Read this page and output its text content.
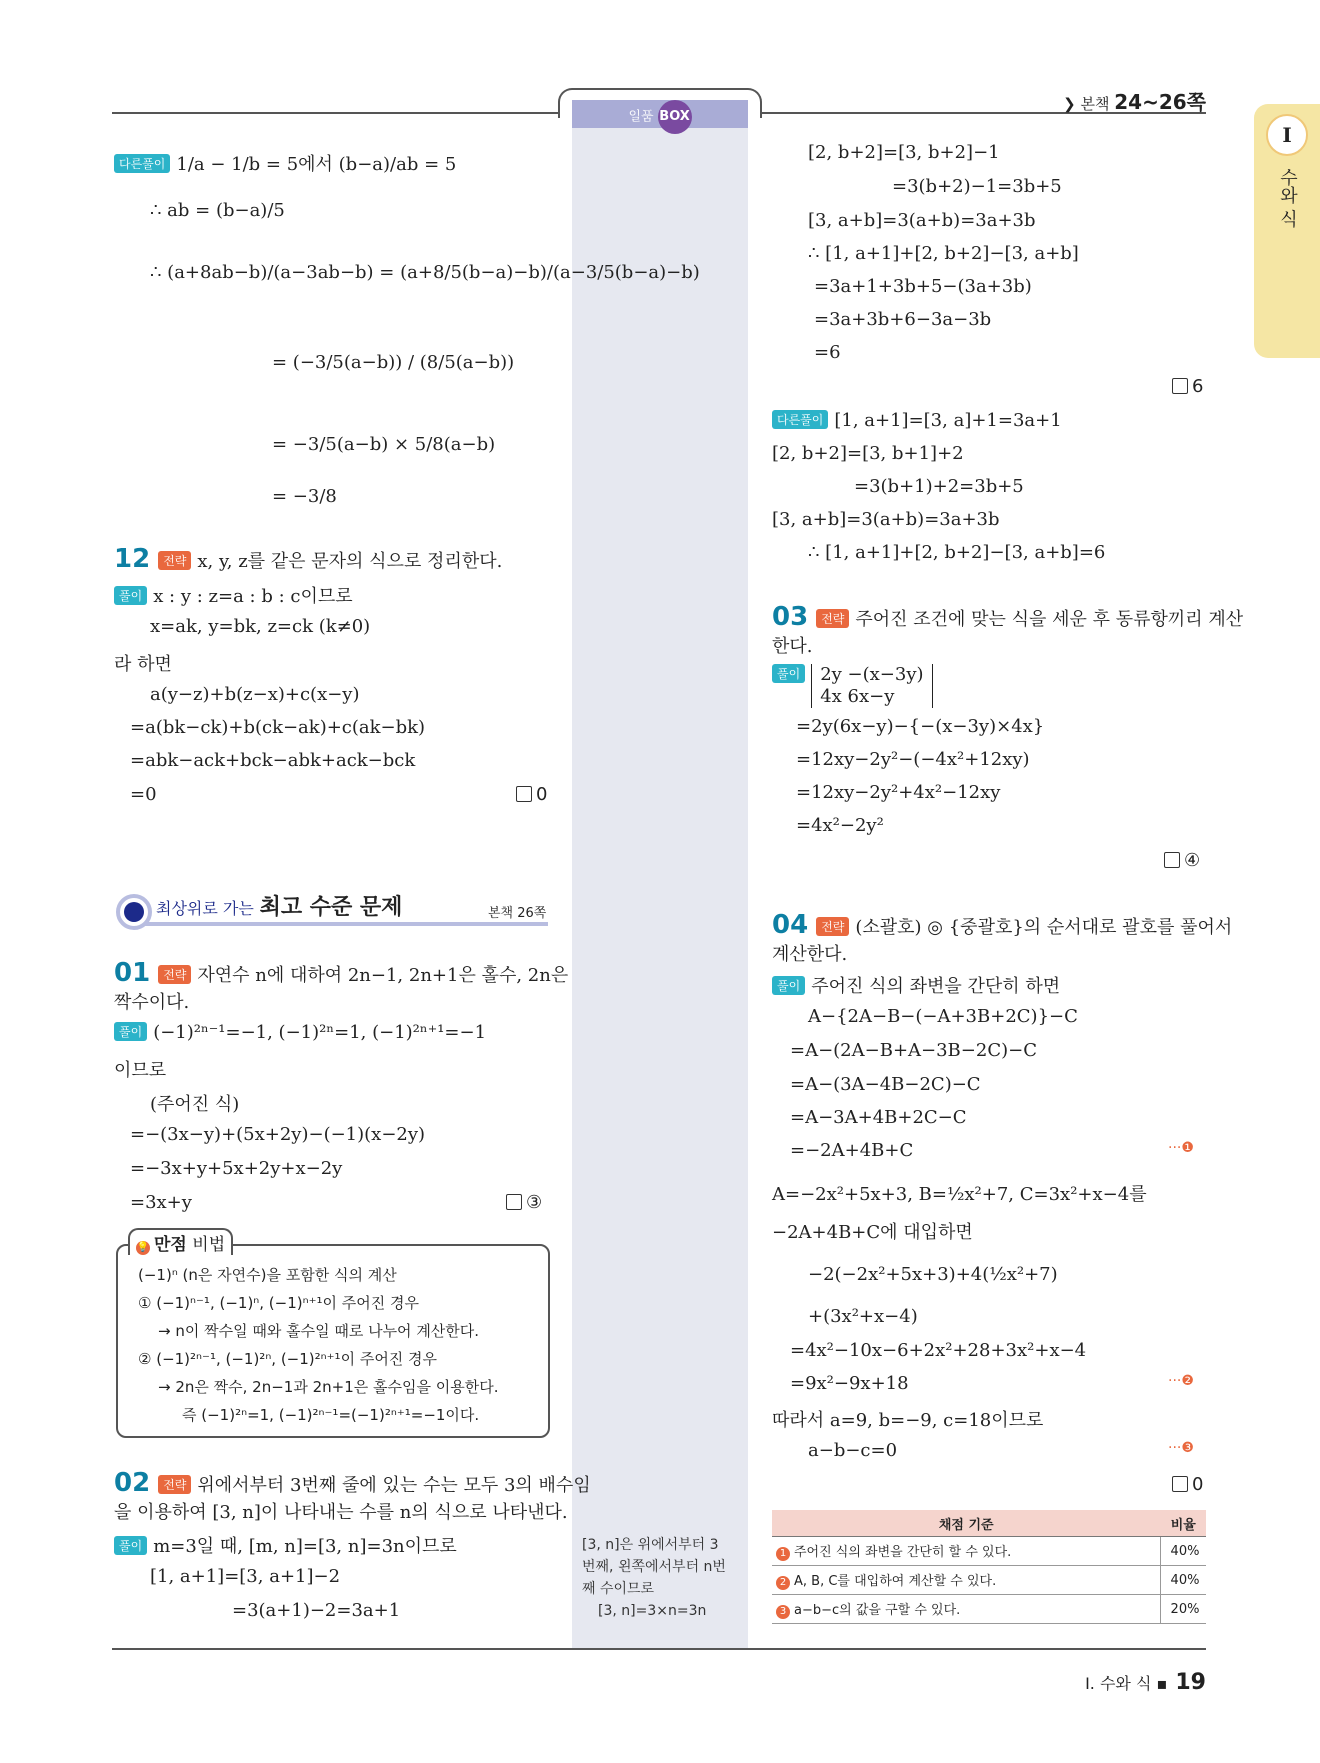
일품 BOX
❯ 본책 24~26쪽
I
수와 식
I. 수와 식 ▪ 19
다른풀이 1/a − 1/b = 5에서 (b−a)/ab = 5
∴ ab = (b−a)/5
∴ (a+8ab−b)/(a−3ab−b) = (a+8/5(b−a)−b)/(a−3/5(b−a)−b)
= (−3/5(a−b)) / (8/5(a−b))
= −3/5(a−b) × 5/8(a−b)
= −3/8
12 전략 x, y, z를 같은 문자의 식으로 정리한다.
풀이 x : y : z=a : b : c이므로
x=ak, y=bk, z=ck (k≠0)
라 하면
a(y−z)+b(z−x)+c(x−y)
=a(bk−ck)+b(ck−ak)+c(ak−bk)
=abk−ack+bck−abk+ack−bck
=0	0
최상위로 가는 최고 수준 문제	본책 26쪽
01 전략 자연수 n에 대하여 2n−1, 2n+1은 홀수, 2n은
짝수이다.
풀이 (−1)²ⁿ⁻¹=−1, (−1)²ⁿ=1, (−1)²ⁿ⁺¹=−1
이므로
(주어진 식)
=−(3x−y)+(5x+2y)−(−1)(x−2y)
=−3x+y+5x+2y+x−2y
=3x+y	③
(−1)ⁿ (n은 자연수)을 포함한 식의 계산
① (−1)ⁿ⁻¹, (−1)ⁿ, (−1)ⁿ⁺¹이 주어진 경우
→ n이 짝수일 때와 홀수일 때로 나누어 계산한다.
② (−1)²ⁿ⁻¹, (−1)²ⁿ, (−1)²ⁿ⁺¹이 주어진 경우
→ 2n은 짝수, 2n−1과 2n+1은 홀수임을 이용한다.
즉 (−1)²ⁿ=1, (−1)²ⁿ⁻¹=(−1)²ⁿ⁺¹=−1이다.
💡 만점 비법
02 전략 위에서부터 3번째 줄에 있는 수는 모두 3의 배수임
을 이용하여 [3, n]이 나타내는 수를 n의 식으로 나타낸다.
풀이 m=3일 때, [m, n]=[3, n]=3n이므로
[1, a+1]=[3, a+1]−2
=3(a+1)−2=3a+1
[3, n]은 위에서부터 3
번째, 왼쪽에서부터 n번
째 수이므로
[3, n]=3×n=3n
[2, b+2]=[3, b+2]−1
=3(b+2)−1=3b+5
[3, a+b]=3(a+b)=3a+3b
∴ [1, a+1]+[2, b+2]−[3, a+b]
=3a+1+3b+5−(3a+3b)
=3a+3b+6−3a−3b
=6
6
다른풀이 [1, a+1]=[3, a]+1=3a+1
[2, b+2]=[3, b+1]+2
=3(b+1)+2=3b+5
[3, a+b]=3(a+b)=3a+3b
∴ [1, a+1]+[2, b+2]−[3, a+b]=6
03 전략 주어진 조건에 맞는 식을 세운 후 동류항끼리 계산
한다.
풀이 2y −(x−3y)
4x 6x−y
=2y(6x−y)−{−(x−3y)×4x}
=12xy−2y²−(−4x²+12xy)
=12xy−2y²+4x²−12xy
=4x²−2y²
④
04 전략 (소괄호) ◎ {중괄호}의 순서대로 괄호를 풀어서
계산한다.
풀이 주어진 식의 좌변을 간단히 하면
A−{2A−B−(−A+3B+2C)}−C
=A−(2A−B+A−3B−2C)−C
=A−(3A−4B−2C)−C
=A−3A+4B+2C−C
=−2A+4B+C	···❶
A=−2x²+5x+3, B=½x²+7, C=3x²+x−4를
−2A+4B+C에 대입하면
−2(−2x²+5x+3)+4(½x²+7)
+(3x²+x−4)
=4x²−10x−6+2x²+28+3x²+x−4
=9x²−9x+18	···❷
따라서 a=9, b=−9, c=18이므로
a−b−c=0	···❸
0
채점 기준	비율
1 주어진 식의 좌변을 간단히 할 수 있다.	40%
2 A, B, C를 대입하여 계산할 수 있다.	40%
3 a−b−c의 값을 구할 수 있다.	20%
